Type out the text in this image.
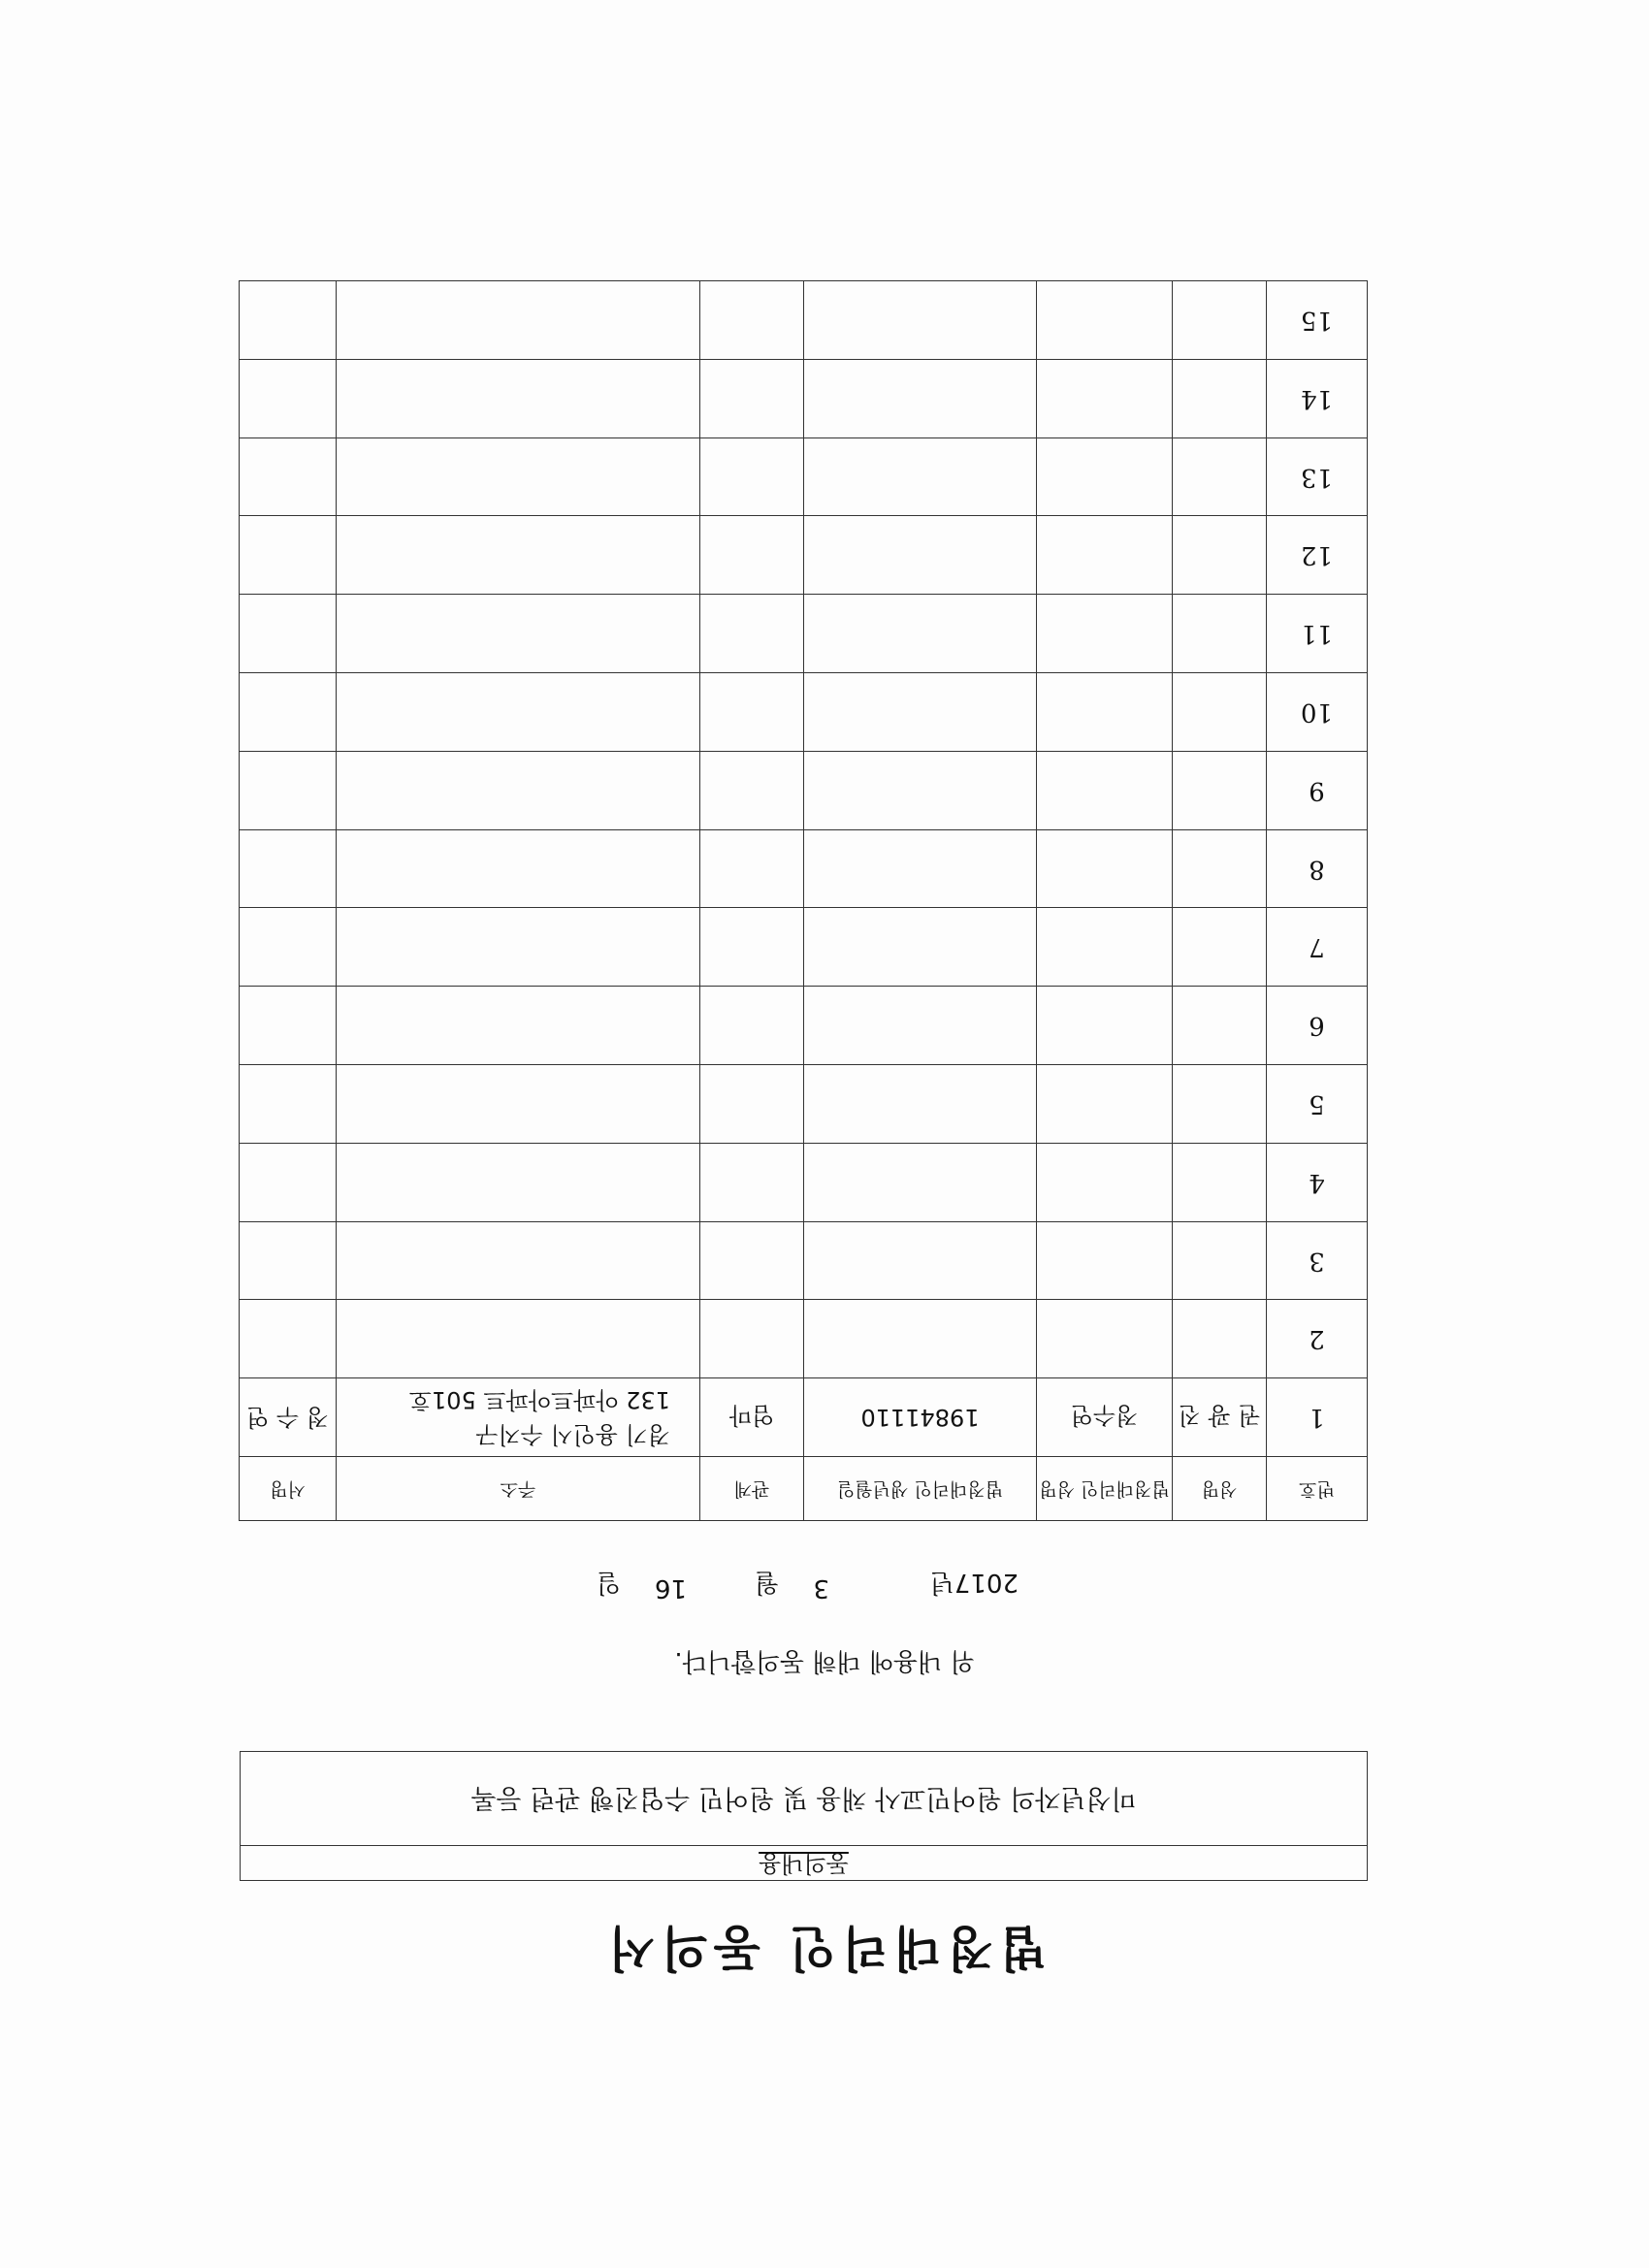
법정대리인 동의서
동의내용
미성년자의 원어민교사 채용 및 원어민 수업진행 관련 등록
위 내용에 대해 동의합니다.
2017년
3
월
16
일
번호	성명	법정대리인 성명	법정대리인 생년월일	관계	주소	서명
1	권 광 진	정수연	19841110	엄마	경기 용인시 수지구
132 아파트아파트 501호	정 수 연
2						
3						
4						
5						
6						
7						
8						
9						
10						
11						
12						
13						
14						
15						
